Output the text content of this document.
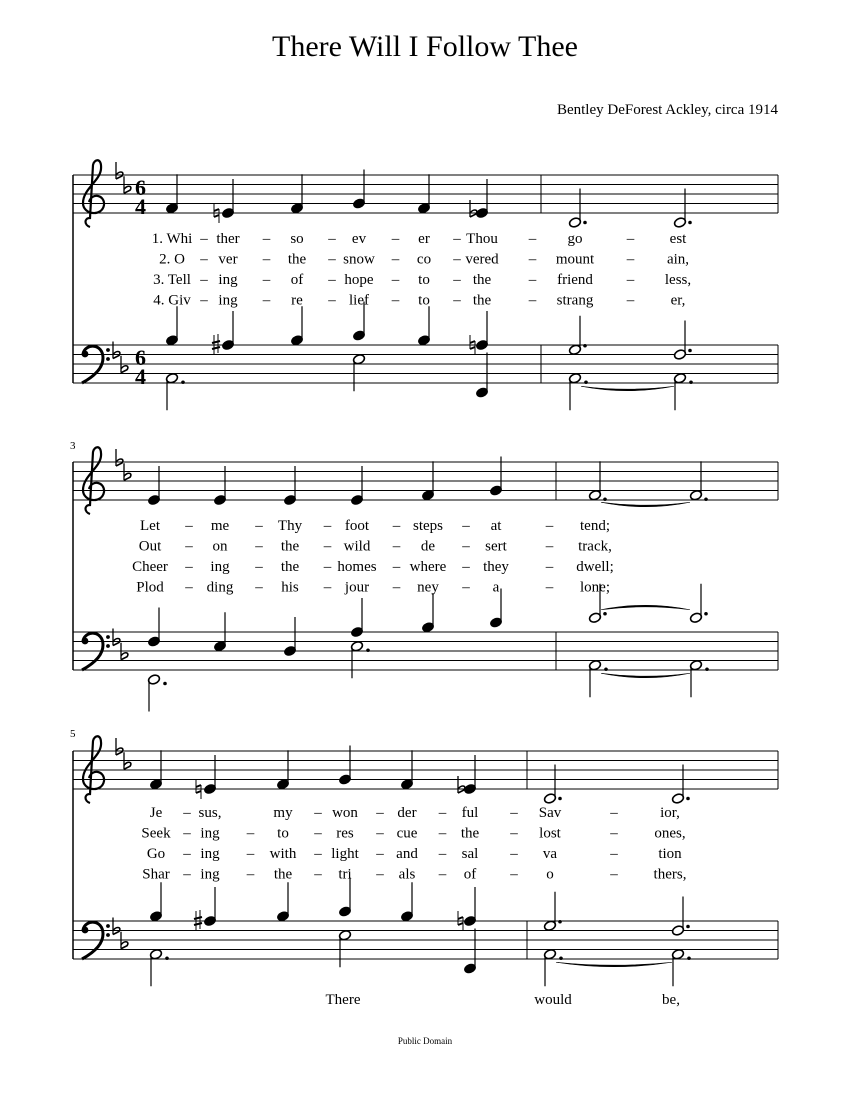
There Will I Follow Thee
Bentley DeForest Ackley, circa 1914
3
5
6
4
6
4
1. Whi – ther – so – ev – er – Thou – go	– est
2. O – ver – the – snow – co – vered – mount – ain,
3. Tell – ing – of – hope – to – the	– friend – less,
4. Giv – ing – re – lief – to – the	– strang – er,
Let – me – Thy – foot – steps – at	– tend;
Out – on – the – wild – de – sert	– track,
Cheer – ing – the – homes – where – they – dwell;
Plod – ding – his – jour – ney – a	– lone;
Je – sus,	my – won – der – ful – Sav	–	ior,
Seek – ing – to – res – cue – the – lost	– ones,
Go – ing – with – light – and – sal – va	–	tion
Shar – ing – the – tri – als – of – o	– thers,
There	would	be,
Public Domain
